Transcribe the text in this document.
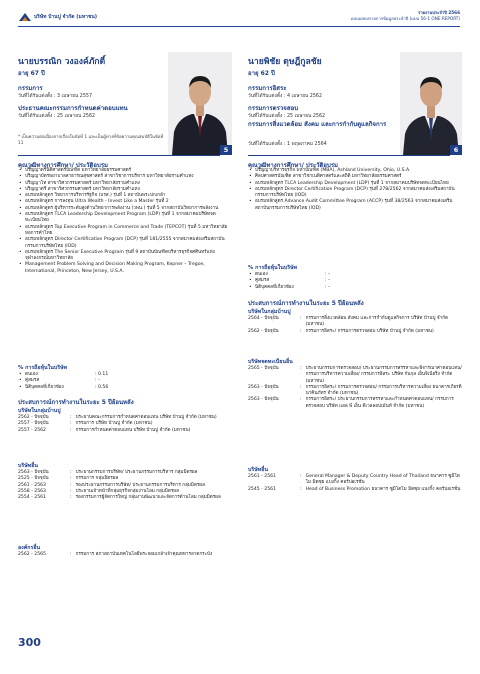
บริษัท บ้านปู จำกัด (มหาชน)
รายงานประจำปี 2566
แบบแสดงรายการข้อมูลประจำปี (แบบ 56-1 ONE REPORT)
นายบรรณิก วงองค์ภักดิ์
อายุ 67 ปี
กรรมการ
วันที่ได้รับแต่งตั้ง : 3 เมษายน 2557
ประธานคณะกรรมการกำหนดค่าตอบแทน
วันที่ได้รับแต่งตั้ง : 25 เมษายน 2562
* เป็นความต่อเนื่องจากเรื่องในข้อที่ 1 และเป็นผู้ทางที่ข้อความคุณสมบัติในข้อที่ 11
5
คุณวุฒิทางการศึกษา/ ประวัติอบรม
• ปริญญาตรีนิติศาสตร์บัณฑิต มหาวิทยาลัยธรรมศาสตร์
• ปริญญาบัตรพยาบาลสาธารณสุขศาสตร์ สาขาวิชาการบริหาร มหาวิทยาลัยรามคำแหง
• ปริญญาโท สาขาวิศวกรรมศาสตร์ มหาวิทยาลัยรามคำแหง
• ปริญญาตรี สาขาวิศวกรรมศาสตร์ มหาวิทยาลัยรามคำแหง
• อบรมหลักสูตร วิทยาการบริหารรัฐกิจ (บรส.) รุ่นที่ 1 สถาบันพระปกเกล้า
• อบรมหลักสูตร การลงทุน Ultra Wealth - Invest Like a Master รุ่นที่ 2
• อบรมหลักสูตร ผู้บริหารระดับสูงด้านวิทยาการพลังงาน (วพน.) รุ่นที่ 5 จากสถาบันวิทยาการพลังงาน
• อบรมหลักสูตร TLCA Leadership Development Program (LDP) รุ่นที่ 1 จากสมาคมบริษัทจดทะเบียนไทย
• อบรมหลักสูตร Top Executive Program in Commerce and Trade (TEPCOT) รุ่นที่ 5 มหาวิทยาลัยหอการค้าไทย
• อบรมหลักสูตร Director Certification Program (DCP) รุ่นที่ 181/2555 จากสมาคมส่งเสริมสถาบันกรรมการบริษัทไทย (IOD)
• อบรมหลักสูตร The Senior Executive Program รุ่นที่ 9 สถาบันบัณฑิตบริหารธุรกิจศศินทร์แห่งจุฬาลงกรณ์มหาวิทยาลัย
• Management Problem Solving and Decision Making Program, Kepner – Tregoe, International, Princeton, New Jersey, U.S.A.
% การถือหุ้นในบริษัท
• ตนเอง	: 0.11
• คู่สมรส	: –
• นิติบุคคลที่เกี่ยวข้อง	: 0.56
ประสบการณ์การทำงานในระยะ 5 ปีย้อนหลัง
บริษัทในกลุ่มบ้านปู
2562 - ปัจจุบัน	: ประธานคณะกรรมการกำหนดค่าตอบแทน บริษัท บ้านปู จำกัด (มหาชน)
2557 - ปัจจุบัน	: กรรมการ บริษัท บ้านปู จำกัด (มหาชน)
2557 - 2562	: กรรมการกำหนดค่าตอบแทน บริษัท บ้านปู จำกัด (มหาชน)
บริษัทอื่น
2563 - ปัจจุบัน	: ประธานกรรมการบริษัท/ ประธานกรรมการบริหาร กลุ่มมิตรผล
2525 - ปัจจุบัน	: กรรมการ กลุ่มมิตรผล
2561 - 2563	: รองประธานกรรมการบริษัท/ ประธานกรรมการบริหาร กลุ่มมิตรผล
2558 - 2563	: ประธานเจ้าหน้าที่กลุ่มธุรกิจกลุ่มงานโลม กลุ่มมิตรผล
2554 - 2561	: รองกรรมการผู้จัดการใหญ่ กลุ่มงานพัฒนาและจัดการด้านโลม กลุ่มมิตรผล
องค์กรอื่น
2562 - 2565	: กรรมการ สภาสถาบันเทคโนโลยีพระจอมเกล้าเจ้าคุณทหารลาดกระบัง
นายพิชัย ดุษฎีกูลชัย
อายุ 62 ปี
กรรมการอิสระ
วันที่ได้รับแต่งตั้ง : 4 เมษายน 2562
กรรมการตรวจสอบ
วันที่ได้รับแต่งตั้ง : 25 เมษายน 2562
กรรมการสิ่งแวดล้อม สังคม และการกำกับดูแลกิจการ
วันที่ได้รับแต่งตั้ง : 1 พฤษภาคม 2564
6
คุณวุฒิทางการศึกษา/ ประวัติอบรม
• ปริญญาบริหารธุรกิจ มหาบัณฑิต (MBA), Ashland University, Ohio, U.S.A.
• ศิลปศาสตรบัณฑิต สาขาวิชาเนติศาสตร์และสถิติ มหาวิทยาลัยธรรมศาสตร์
• อบรมหลักสูตร TLCA Leadership Development (LDP) รุ่นที่ 1 จากสมาคมบริษัทจดทะเบียนไทย
• อบรมหลักสูตร Director Certification Program (DCP) รุ่นที่ 278/2562 จากสมาคมส่งเสริมสถาบันกรรมการบริษัทไทย (IOD)
• อบรมหลักสูตร Advance Audit Committee Program (ACCP) รุ่นที่ 38/2563 จากสมาคมส่งเสริมสถาบันกรรมการบริษัทไทย (IOD)
% การถือหุ้นในบริษัท
• ตนเอง	: –
• คู่สมรส	: –
• นิติบุคคลที่เกี่ยวข้อง	: –
ประสบการณ์การทำงานในระยะ 5 ปีย้อนหลัง
บริษัทในกลุ่มบ้านปู
2564 - ปัจจุบัน	: กรรมการสิ่งแวดล้อม สังคม และการกำกับดูแลกิจการ บริษัท บ้านปู จำกัด (มหาชน)
2562 - ปัจจุบัน	: กรรมการอิสระ/ กรรมการตรวจสอบ บริษัท บ้านปู จำกัด (มหาชน)
บริษัทจดทะเบียนอื่น
2565 - ปัจจุบัน	: ประธานกรรมการตรวจสอบ/ ประธานกรรมการสรรหาและพิจารณาค่าตอบแทน/ กรรมการบริหารความเสี่ยง/ กรรมการอิสระ บริษัท กันกุล เอ็นจิเนียริ่ง จำกัด (มหาชน)
2563 - ปัจจุบัน	: กรรมการอิสระ/ กรรมการตรวจสอบ/ กรรมการบริหารความเสี่ยง ธนาคารเกียรตินาคินภัทร จำกัด (มหาชน)
2563 - ปัจจุบัน	: กรรมการอิสระ/ ประธานกรรมการสรรหาและกำหนดค่าตอบแทน/ กรรมการตรวจสอบ บริษัท แอล พี เอ็น ดีเวลลอปเม้นท์ จำกัด (มหาชน)
บริษัทอื่น
2561 - 2561	: General Manager & Deputy Country Head of Thailand ธนาคาร ซูมิโตโม มิตซุย แบงกิ้ง คอร์ปอเรชั่น
2545 - 2561	: Head of Business Promotion ธนาคาร ซูมิโตโม มิตซุย แบงกิ้ง คอร์ปอเรชั่น
300
